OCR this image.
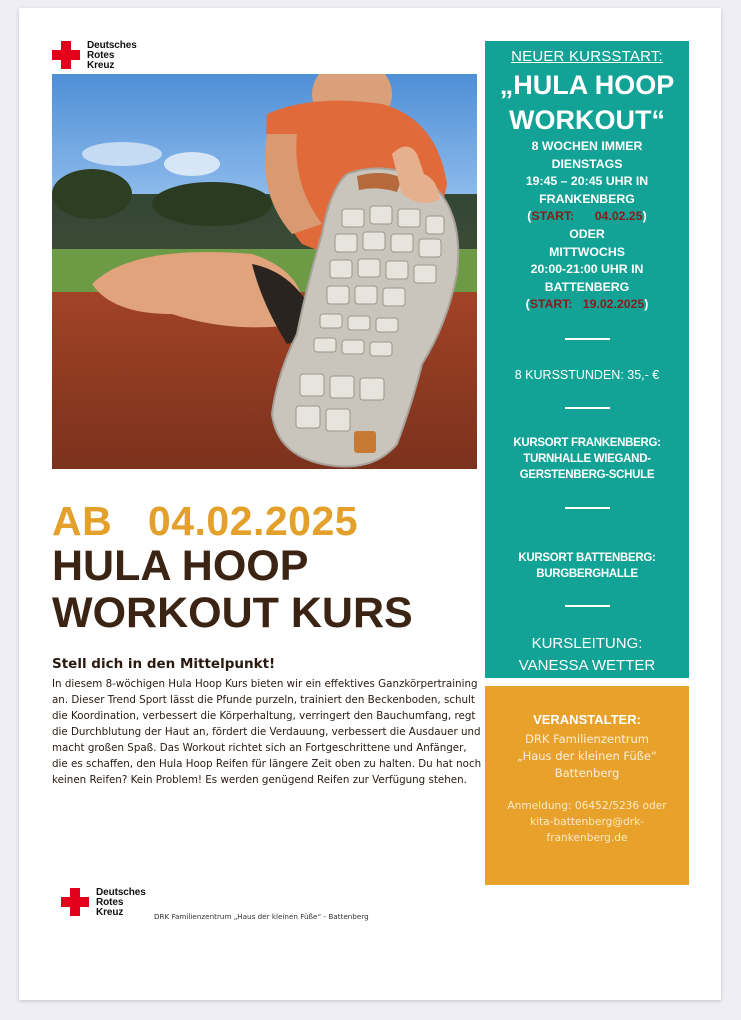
Deutsches
Rotes
Kreuz
AB   04.02.2025
HULA HOOP
WORKOUT KURS
Stell dich in den Mittelpunkt!
In diesem 8-wöchigen Hula Hoop Kurs bieten wir ein effektives Ganzkörpertraining an. Dieser Trend Sport lässt die Pfunde purzeln, trainiert den Beckenboden, schult die Koordination, verbessert die Körperhaltung, verringert den Bauchumfang, regt die Durchblutung der Haut an, fördert die Verdauung, verbessert die Ausdauer und macht großen Spaß. Das Workout richtet sich an Fortgeschrittene und Anfänger, die es schaffen, den Hula Hoop Reifen für längere Zeit oben zu halten. Du hat noch keinen Reifen? Kein Problem! Es werden genügend Reifen zur Verfügung stehen.
NEUER KURSSTART:
„HULA HOOP
WORKOUT“
8 WOCHEN IMMER
DIENSTAGS
19:45 – 20:45 UHR IN
FRANKENBERG
(START: 04.02.25)
ODER
MITTWOCHS
20:00-21:00 UHR IN
BATTENBERG
(START: 19.02.2025)
8 KURSSTUNDEN: 35,- €
KURSORT FRANKENBERG:
TURNHALLE WIEGAND-
GERSTENBERG-SCHULE
KURSORT BATTENBERG:
BURGBERGHALLE
KURSLEITUNG:
VANESSA WETTER
VERANSTALTER:
DRK Familienzentrum
„Haus der kleinen Füße“
Battenberg
Anmeldung: 06452/5236 oder
kita-battenberg@drk-
frankenberg.de
Deutsches
Rotes
Kreuz	DRK Familienzentrum „Haus der kleinen Füße“ - Battenberg
